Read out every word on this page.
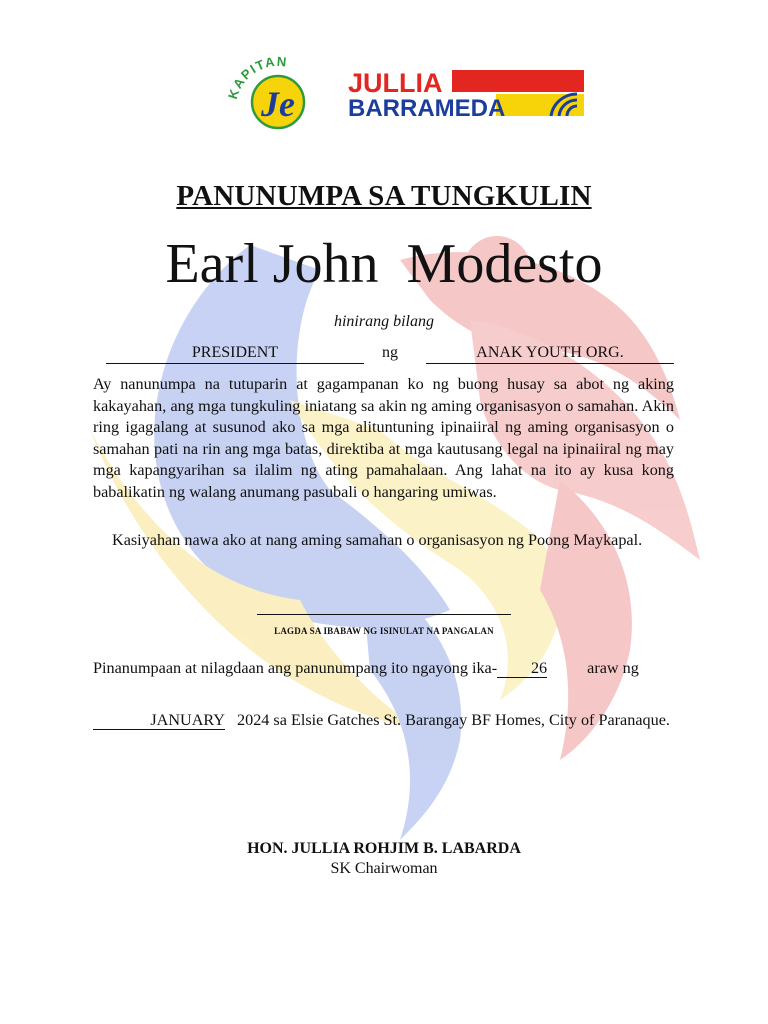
KAPITAN
Je
JULLIA
BARRAMEDA
PANUNUMPA SA TUNGKULIN
Earl John  Modesto
hinirang bilang
PRESIDENT	ng	ANAK YOUTH ORG.

Ay nanunumpa na tutuparin at gagampanan ko ng buong husay sa abot ng aking kakayahan, ang mga tungkuling iniatang sa akin ng aming organisasyon o samahan. Akin ring igagalang at susunod ako sa mga alituntuning ipinaiiral ng aming organisasyon o samahan pati na rin ang mga batas, direktiba at mga kautusang legal na ipinaiiral ng may mga kapangyarihan sa ilalim ng ating pamahalaan. Ang lahat na ito ay kusa kong babalikatin ng walang anumang pasubali o hangaring umiwas.

Kasiyahan nawa ako at nang aming samahan o organisasyon ng Poong Maykapal.

LAGDA SA IBABAW NG ISINULAT NA PANGALAN

Pinanumpaan at nilagdaan ang panunumpang ito ngayong ika- 26 araw ng

JANUARY 2024 sa Elsie Gatches St. Barangay BF Homes, City of Paranaque.

HON. JULLIA ROHJIM B. LABARDA
SK Chairwoman
